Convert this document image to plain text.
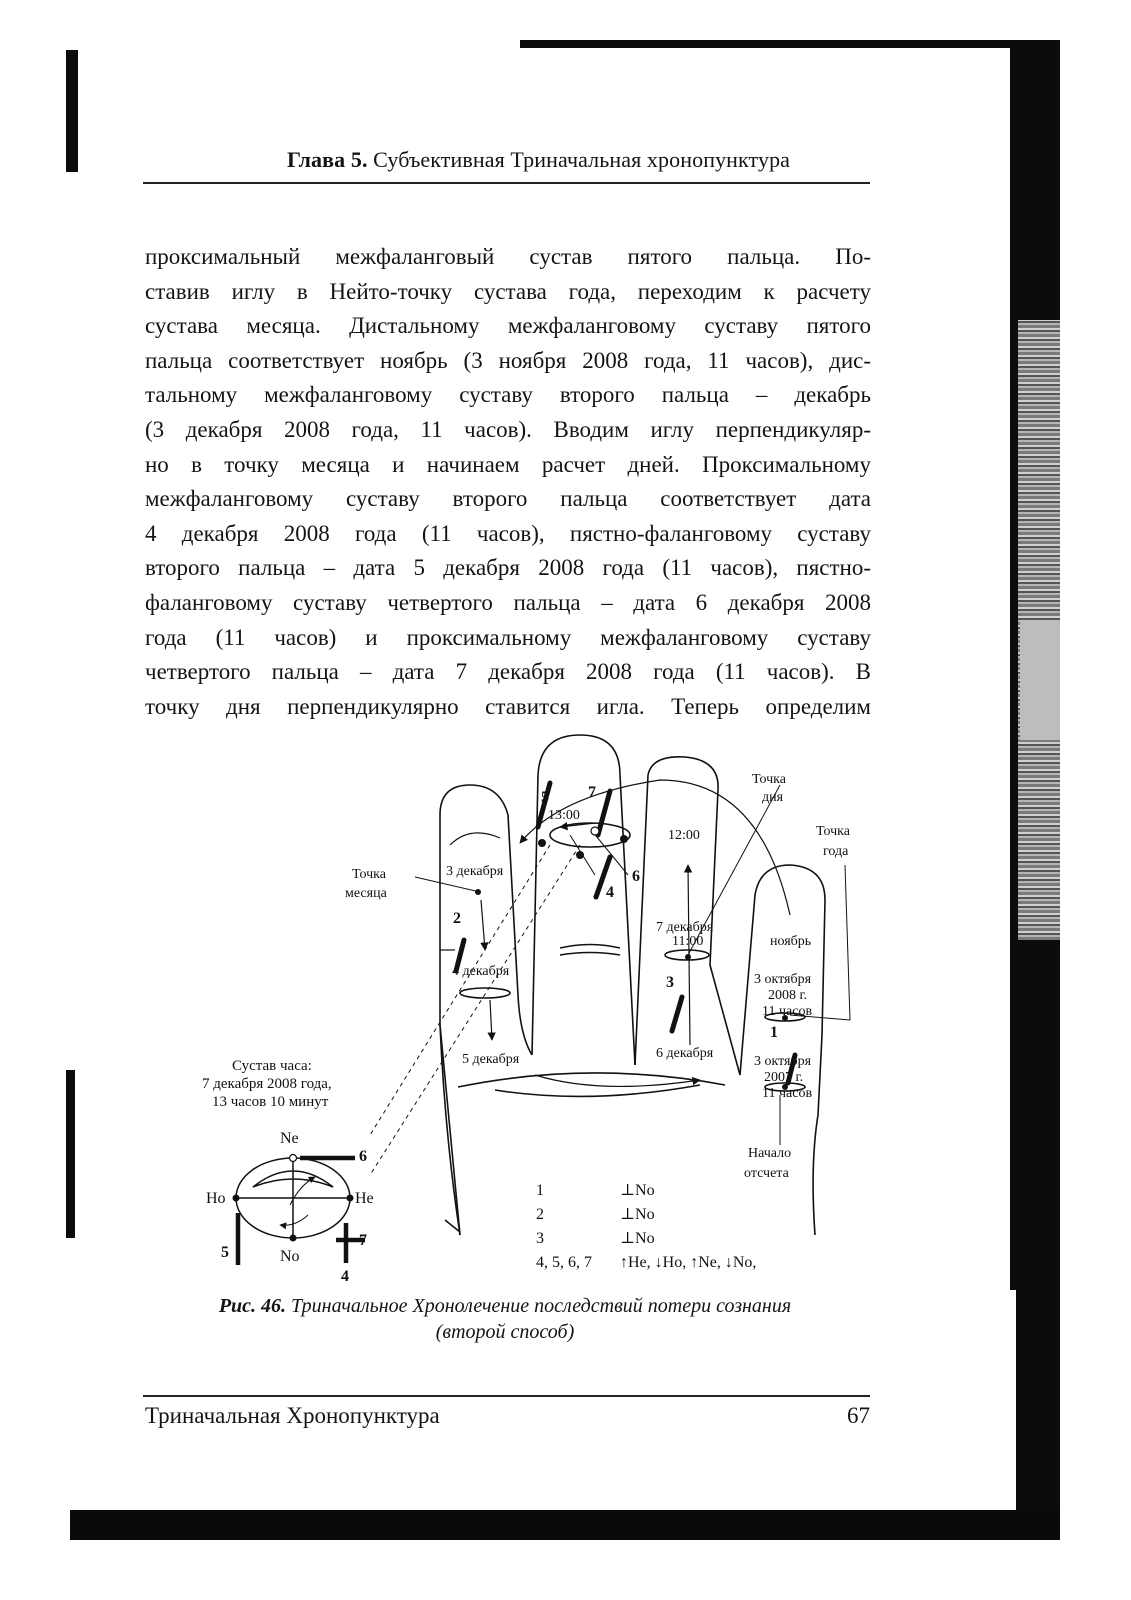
Глава 5. Субъективная Триначальная хронопунктура
проксимальный межфаланговый сустав пятого пальца. По-
ставив иглу в Нейто-точку сустава года, переходим к расчету
сустава месяца. Дистальному межфаланговому суставу пятого
пальца соответствует ноябрь (3 ноября 2008 года, 11 часов), дис-
тальному межфаланговому суставу второго пальца – декабрь
(3 декабря 2008 года, 11 часов). Вводим иглу перпендикуляр-
но в точку месяца и начинаем расчет дней. Проксимальному
межфаланговому суставу второго пальца соответствует дата
4 декабря 2008 года (11 часов), пястно-фаланговому суставу
второго пальца – дата 5 декабря 2008 года (11 часов), пястно-
фаланговому суставу четвертого пальца – дата 6 декабря 2008
года (11 часов) и проксимальному межфаланговому суставу
четвертого пальца – дата 7 декабря 2008 года (11 часов). В
точку дня перпендикулярно ставится игла. Теперь определим
Точка
дня
Точка
года
Точка
месяца
3 декабря
4 декабря
5 декабря	6 декабря
7 декабря
11:00
12:00
13:00
ноябрь
3 октября
2008 г.
11 часов
3 октября
2007 г.
11 часов
Начало
отсчета
5 7
6
4
2
3
1
Сустав часа:
7 декабря 2008 года,
13 часов 10 минут
Ne
No
Ho	He
6
5
7
4
1	⊥No
2	⊥No
3	⊥No
4, 5, 6, 7 ↑He, ↓Ho, ↑Ne, ↓No,
Рис. 46. Триначальное Хронолечение последствий потери сознания
(второй способ)
Триначальная Хронопунктура	67
